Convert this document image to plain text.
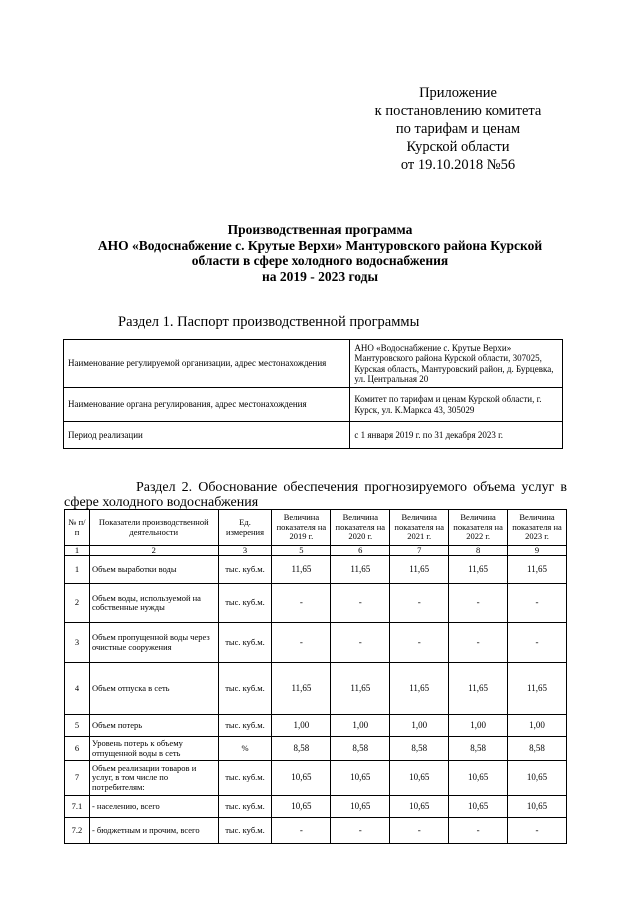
Приложение
к постановлению комитета
по тарифам и ценам
Курской области
от 19.10.2018 №56
Производственная программа
АНО «Водоснабжение с. Крутые Верхи» Мантуровского района Курской
области в сфере холодного водоснабжения
на 2019 - 2023 годы
Раздел 1. Паспорт производственной программы
Наименование регулируемой организации, адрес местонахождения	АНО «Водоснабжение с. Крутые Верхи» Мантуровского района Курской области, 307025, Курская область, Мантуровский район, д. Бурцевка, ул. Центральная 20
Наименование органа регулирования, адрес местонахождения	Комитет по тарифам и ценам Курской области, г. Курск, ул. К.Маркса 43, 305029
Период реализации	с 1 января 2019 г. по 31 декабря 2023 г.
Раздел 2. Обоснование обеспечения прогнозируемого объема услуг в
сфере холодного водоснабжения
№ п/п	Показатели производственной деятельности	Ед. измерения	Величина показателя на 2019 г.	Величина показателя на 2020 г.	Величина показателя на 2021 г.	Величина показателя на 2022 г.	Величина показателя на 2023 г.
1	2	3	5	6	7	8	9
1	Объем выработки воды	тыс. куб.м.	11,65	11,65	11,65	11,65	11,65
2	Объем воды, используемой на собственные нужды	тыс. куб.м.	-	-	-	-	-
3	Объем пропущенной воды через очистные сооружения	тыс. куб.м.	-	-	-	-	-
4	Объем отпуска в сеть	тыс. куб.м.	11,65	11,65	11,65	11,65	11,65
5	Объем потерь	тыс. куб.м.	1,00	1,00	1,00	1,00	1,00
6	Уровень потерь к объему отпущенной воды в сеть	%	8,58	8,58	8,58	8,58	8,58
7	Объем реализации товаров и услуг, в том числе по потребителям:	тыс. куб.м.	10,65	10,65	10,65	10,65	10,65
7.1	- населению, всего	тыс. куб.м.	10,65	10,65	10,65	10,65	10,65
7.2	- бюджетным и прочим, всего	тыс. куб.м.	-	-	-	-	-
